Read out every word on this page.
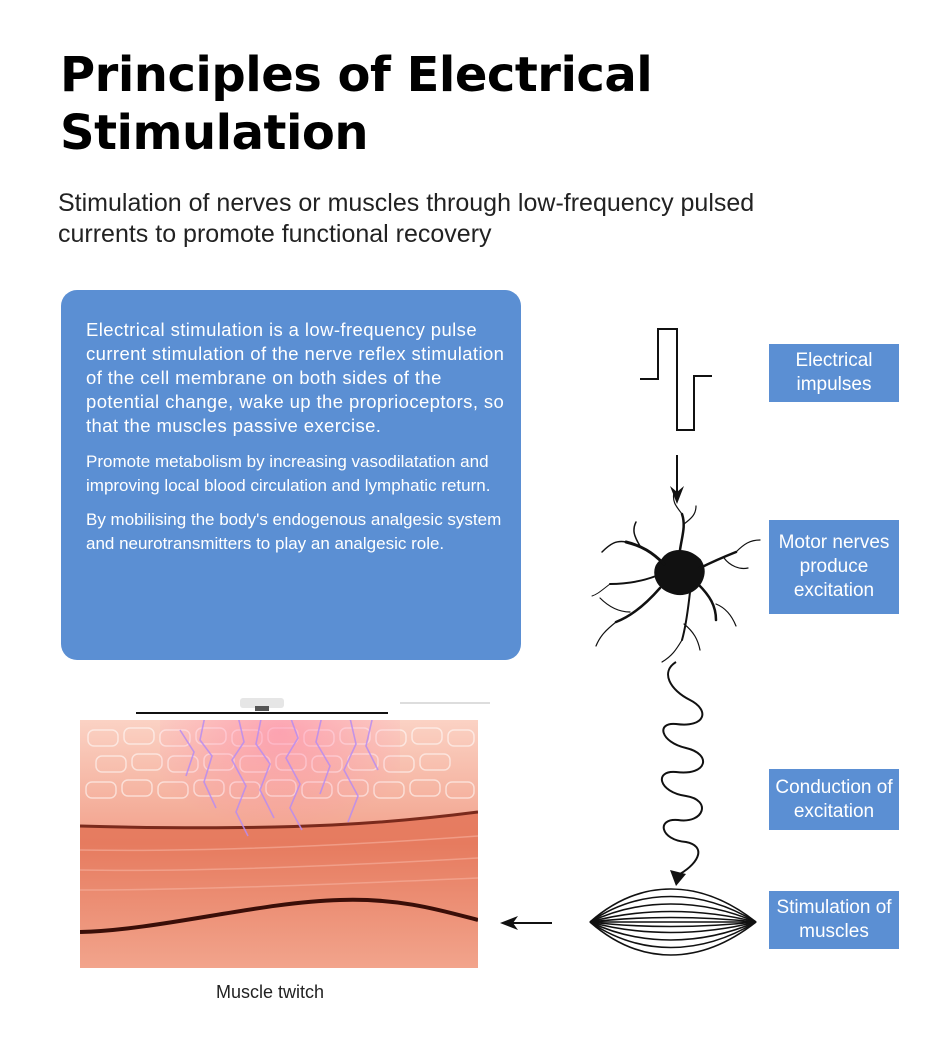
Principles of Electrical Stimulation
Stimulation of nerves or muscles through low-frequency pulsed currents to promote functional recovery

Electrical stimulation is a low-frequency pulse current stimulation of the nerve reflex stimulation of the cell membrane on both sides of the potential change, wake up the proprioceptors, so that the muscles passive exercise.

Promote metabolism by increasing vasodilatation and improving local blood circulation and lymphatic return.

By mobilising the body's endogenous analgesic system and neurotransmitters to play an analgesic role.

Electrical impulses
Motor nerves produce excitation
Conduction of excitation
Stimulation of muscles
Muscle twitch
